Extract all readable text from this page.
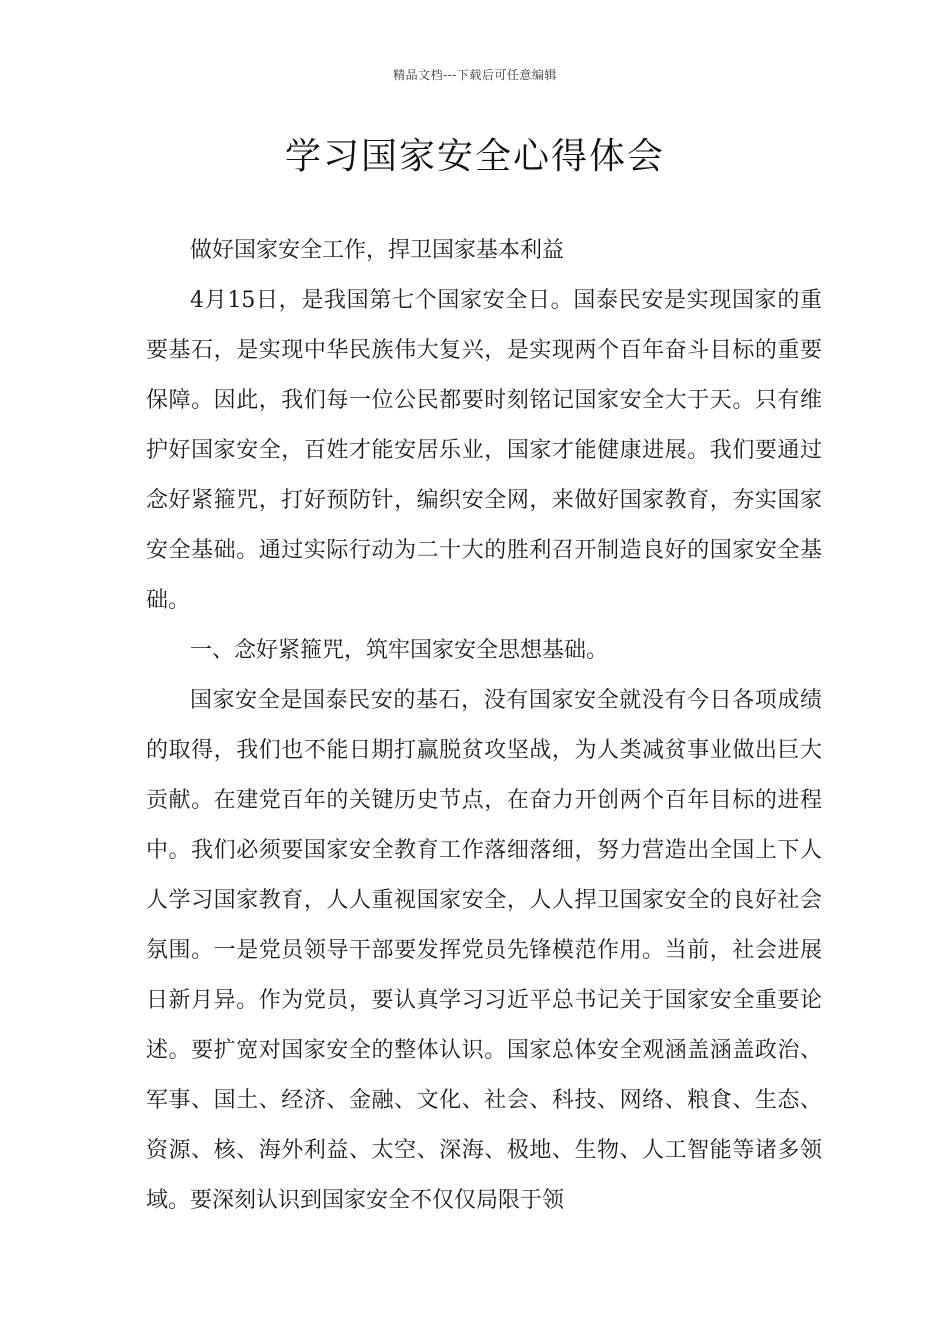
精品文档---下载后可任意编辑
学习国家安全心得体会

做好国家安全工作，捍卫国家基本利益

4月15日，是我国第七个国家安全日。国泰民安是实现国家的重要基石，是实现中华民族伟大复兴，是实现两个百年奋斗目标的重要保障。因此，我们每一位公民都要时刻铭记国家安全大于天。只有维护好国家安全，百姓才能安居乐业，国家才能健康进展。我们要通过念好紧箍咒，打好预防针，编织安全网，来做好国家教育，夯实国家安全基础。通过实际行动为二十大的胜利召开制造良好的国家安全基础。

一、念好紧箍咒，筑牢国家安全思想基础。

国家安全是国泰民安的基石，没有国家安全就没有今日各项成绩的取得，我们也不能日期打赢脱贫攻坚战，为人类减贫事业做出巨大贡献。在建党百年的关键历史节点，在奋力开创两个百年目标的进程中。我们必须要国家安全教育工作落细落细，努力营造出全国上下人人学习国家教育，人人重视国家安全，人人捍卫国家安全的良好社会氛围。一是党员领导干部要发挥党员先锋模范作用。当前，社会进展日新月异。作为党员，要认真学习习近平总书记关于国家安全重要论述。要扩宽对国家安全的整体认识。国家总体安全观涵盖涵盖政治、军事、国土、经济、金融、文化、社会、科技、网络、粮食、生态、资源、核、海外利益、太空、深海、极地、生物、人工智能等诸多领域。要深刻认识到国家安全不仅仅局限于领
